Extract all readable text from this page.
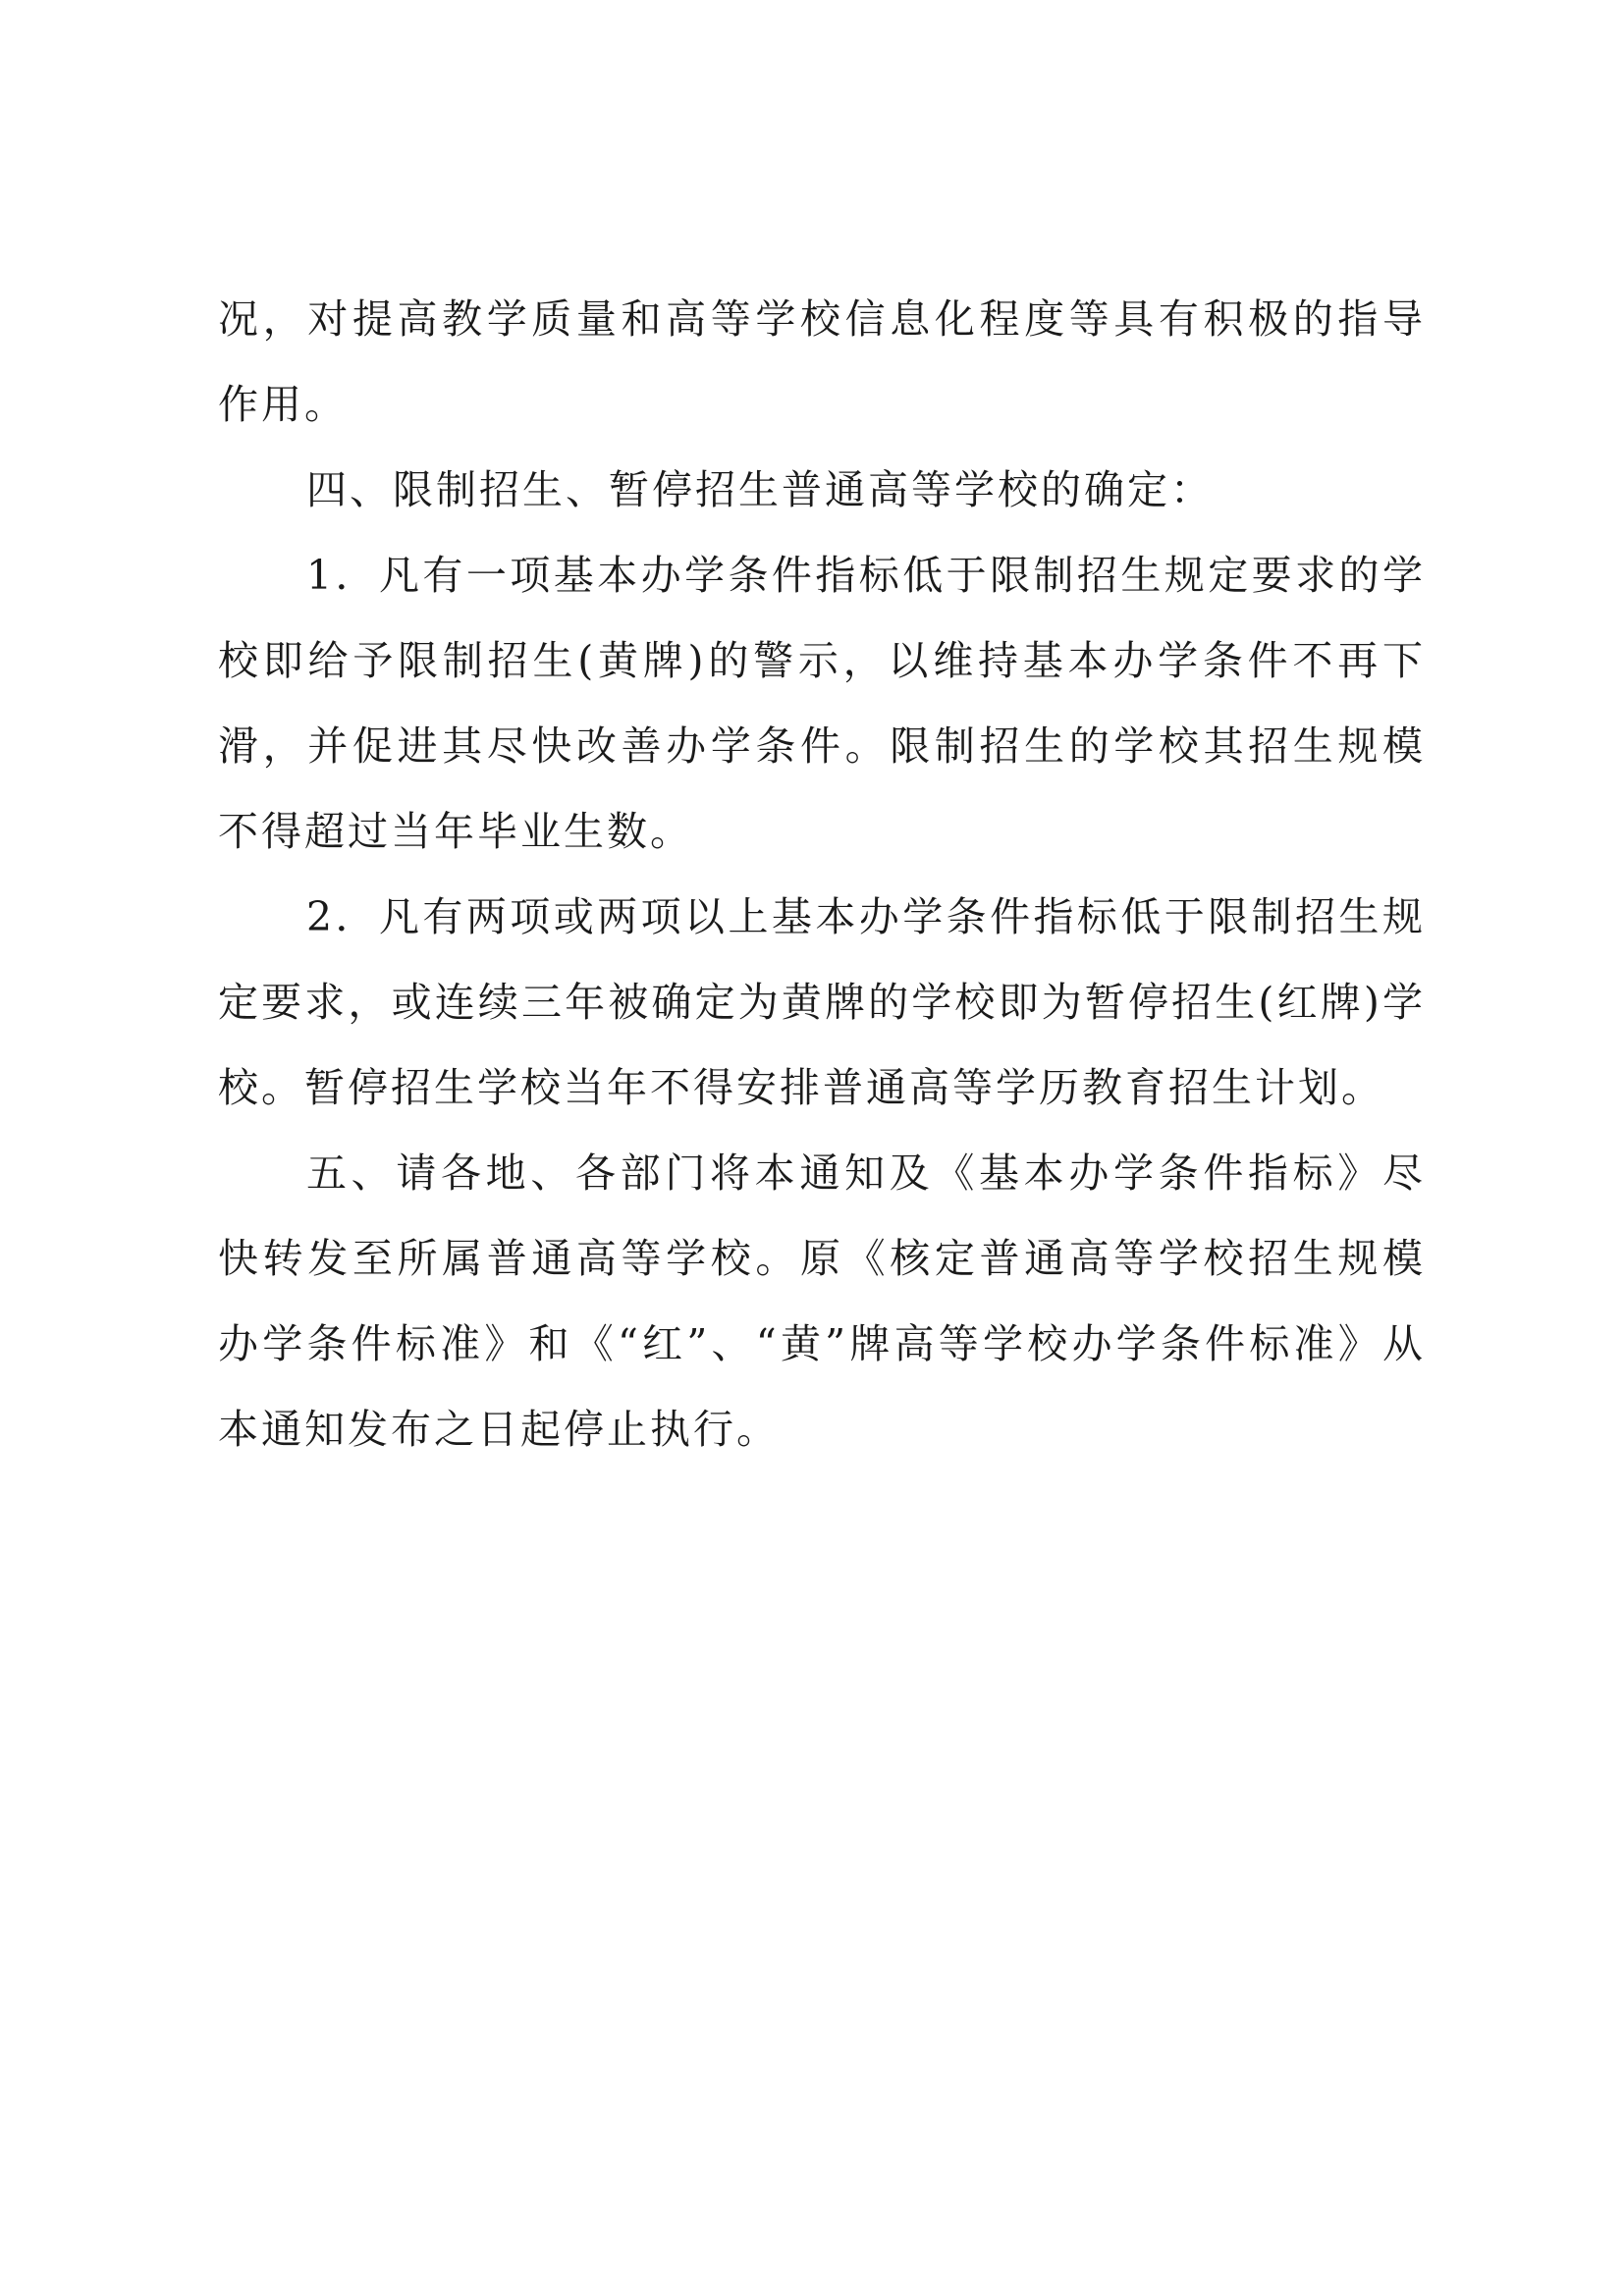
况，对提高教学质量和高等学校信息化程度等具有积极的指导作用。

四、限制招生、暂停招生普通高等学校的确定：

1．凡有一项基本办学条件指标低于限制招生规定要求的学校即给予限制招生(黄牌)的警示，以维持基本办学条件不再下滑，并促进其尽快改善办学条件。限制招生的学校其招生规模不得超过当年毕业生数。

2．凡有两项或两项以上基本办学条件指标低于限制招生规定要求，或连续三年被确定为黄牌的学校即为暂停招生(红牌)学校。暂停招生学校当年不得安排普通高等学历教育招生计划。

五、请各地、各部门将本通知及《基本办学条件指标》尽快转发至所属普通高等学校。原《核定普通高等学校招生规模办学条件标准》和《“红”、“黄”牌高等学校办学条件标准》从本通知发布之日起停止执行。
